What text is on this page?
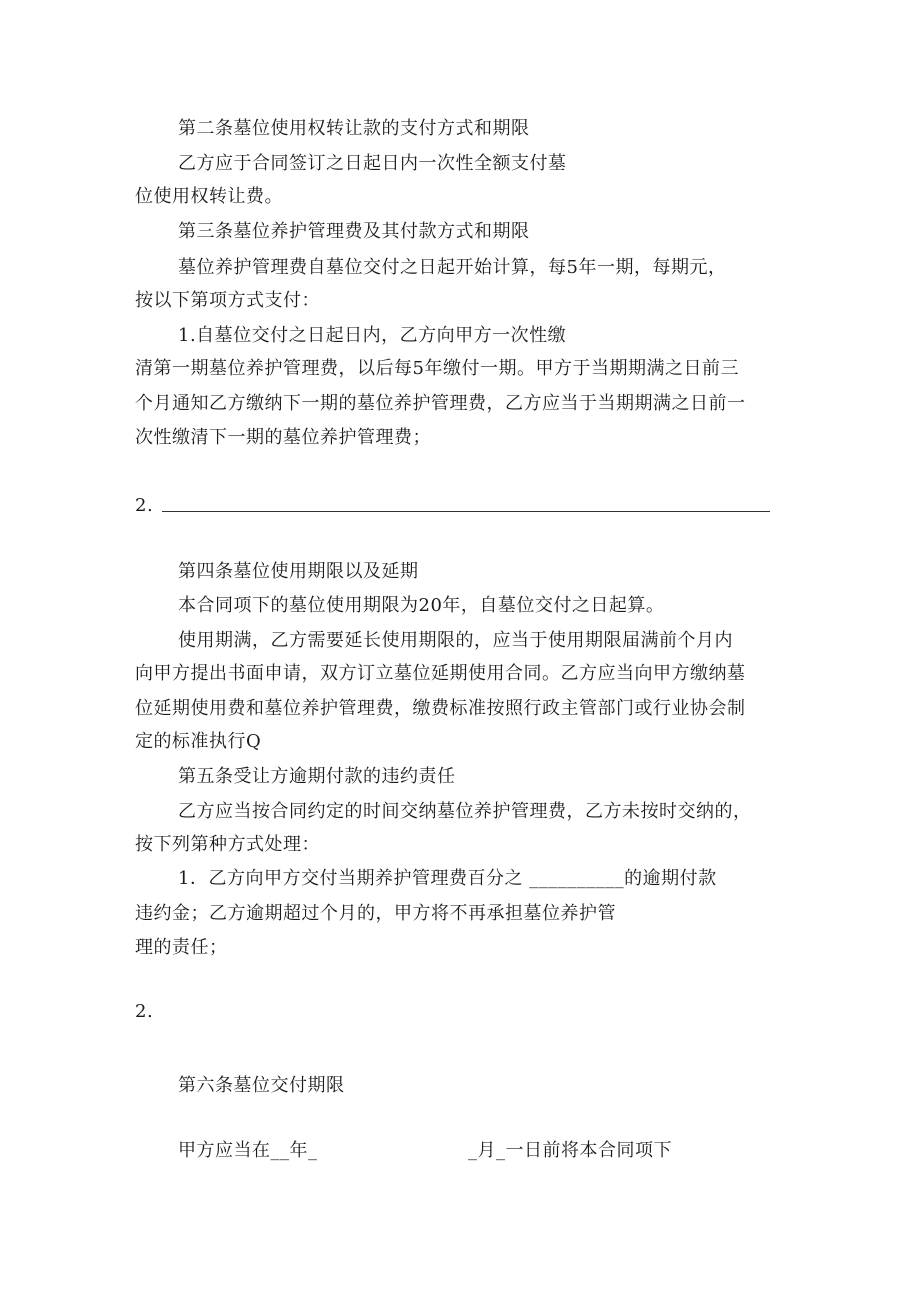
第二条墓位使用权转让款的支付方式和期限
乙方应于合同签订之日起日内一次性全额支付墓
位使用权转让费。
第三条墓位养护管理费及其付款方式和期限
墓位养护管理费自墓位交付之日起开始计算，每5年一期，每期元，
按以下第项方式支付：
1.自墓位交付之日起日内，乙方向甲方一次性缴
清第一期墓位养护管理费，以后每5年缴付一期。甲方于当期期满之日前三
个月通知乙方缴纳下一期的墓位养护管理费，乙方应当于当期期满之日前一
次性缴清下一期的墓位养护管理费；
2.
第四条墓位使用期限以及延期
本合同项下的墓位使用期限为20年，自墓位交付之日起算。
使用期满，乙方需要延长使用期限的，应当于使用期限届满前个月内
向甲方提出书面申请，双方订立墓位延期使用合同。乙方应当向甲方缴纳墓
位延期使用费和墓位养护管理费，缴费标准按照行政主管部门或行业协会制
定的标准执行Q
第五条受让方逾期付款的违约责任
乙方应当按合同约定的时间交纳墓位养护管理费，乙方未按时交纳的，
按下列第种方式处理：
1．乙方向甲方交付当期养护管理费百分之 __________的逾期付款
违约金；乙方逾期超过个月的，甲方将不再承担墓位养护管
理的责任；
2.
第六条墓位交付期限
甲方应当在__年_	_月_一日前将本合同项下
